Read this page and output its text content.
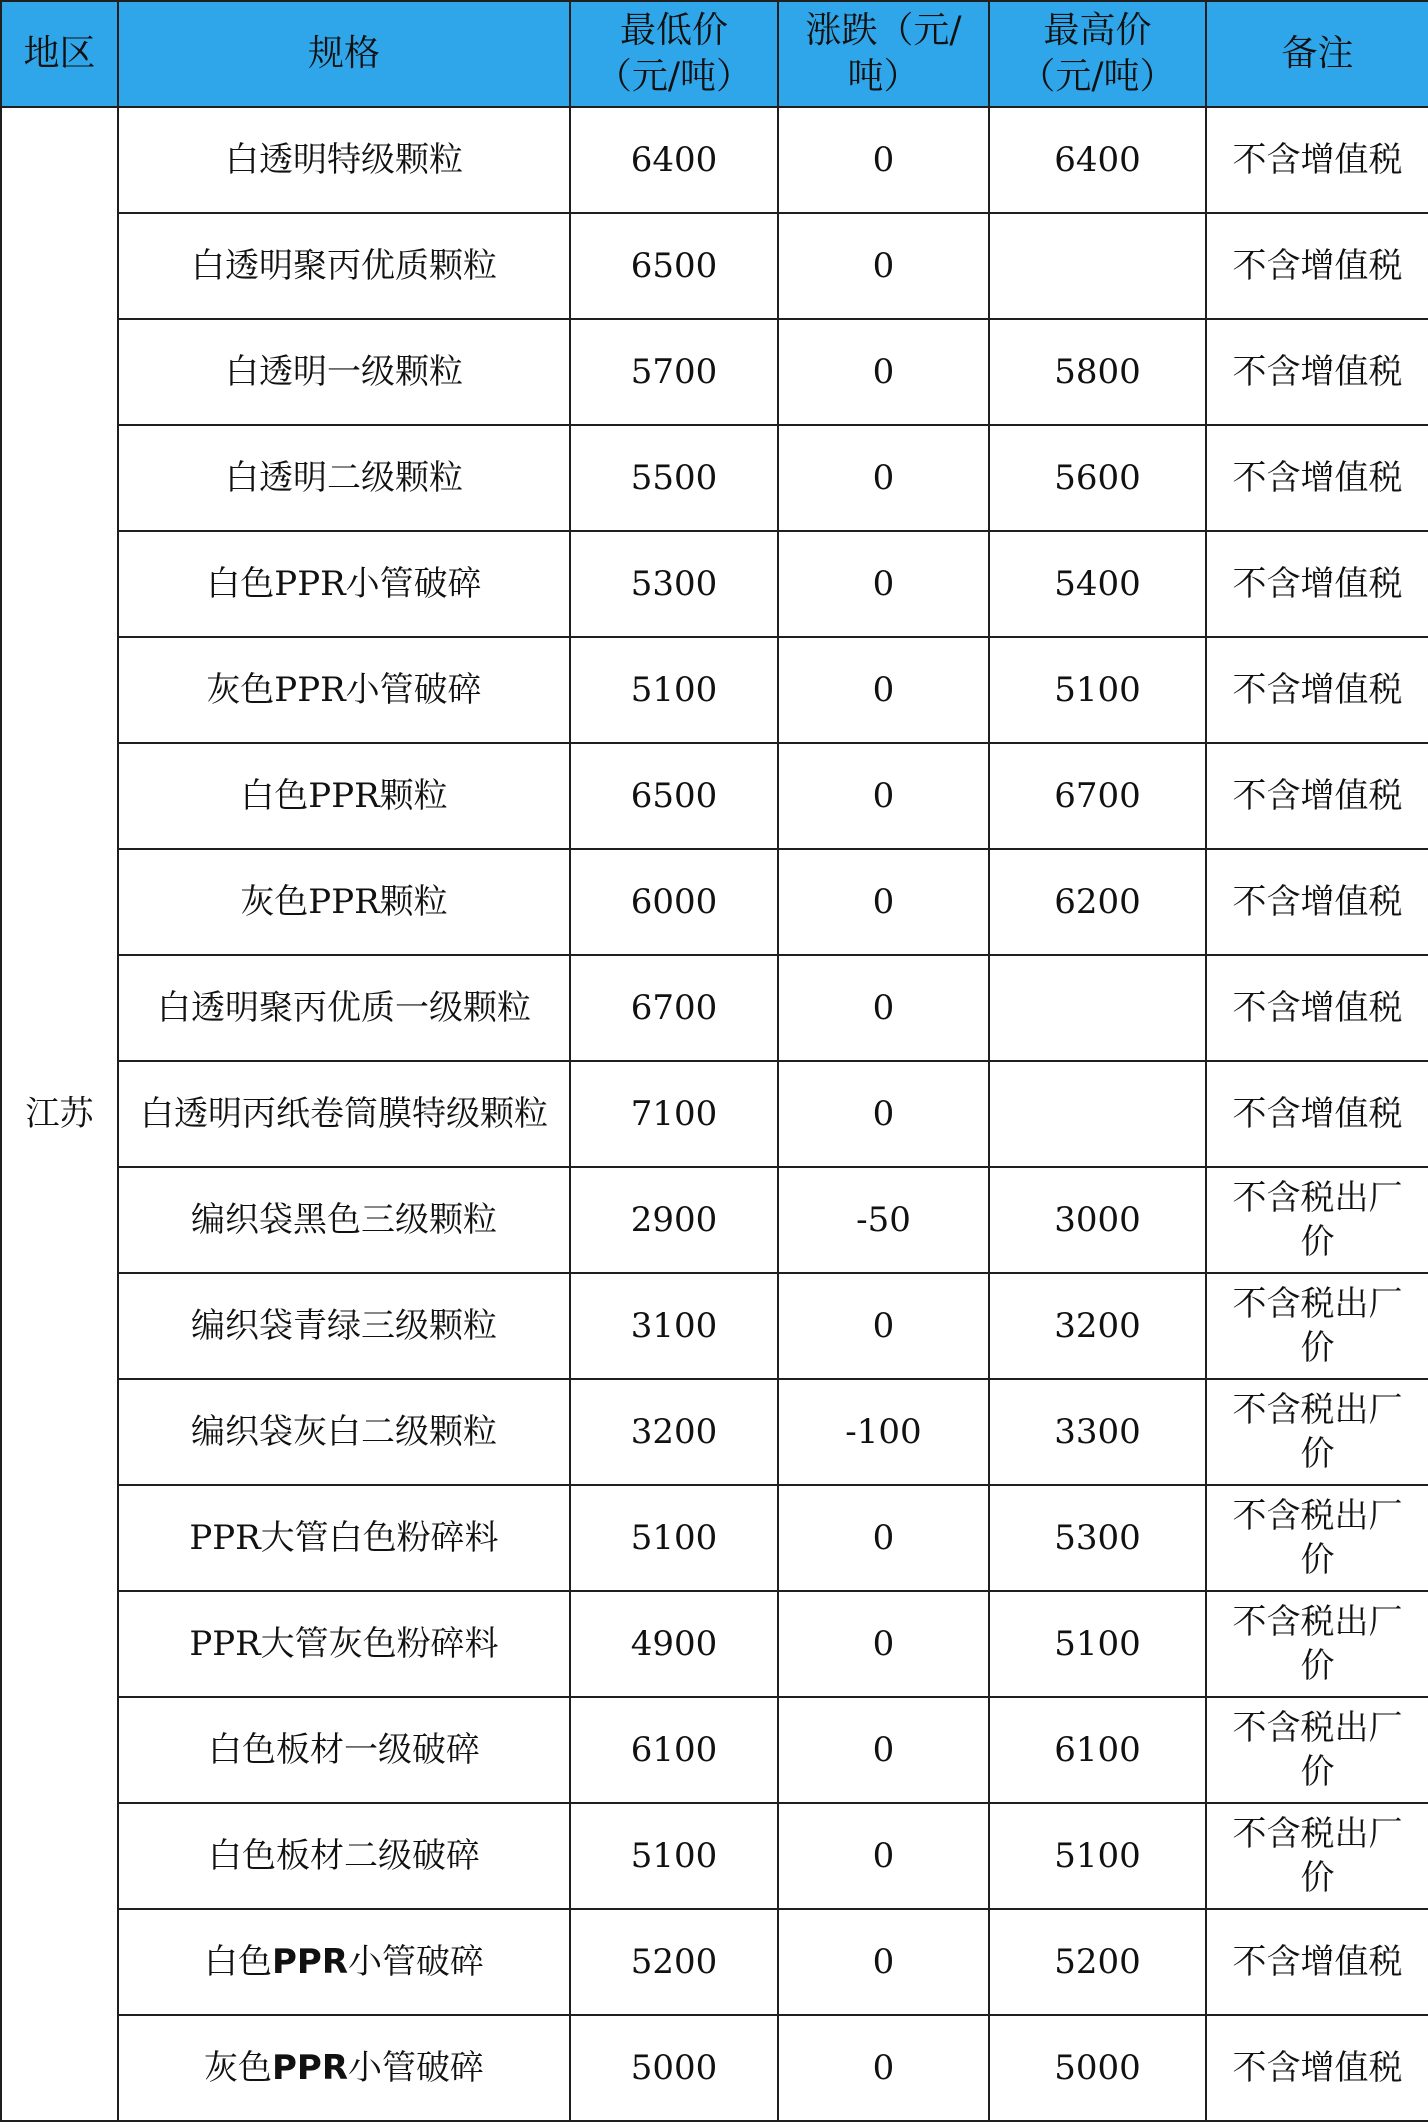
地区	规格	最低价（元/吨）	涨跌（元/吨）	最高价（元/吨）	备注
江苏	白透明特级颗粒	6400	0	6400	不含增值税
	白透明聚丙优质颗粒	6500	0		不含增值税
	白透明一级颗粒	5700	0	5800	不含增值税
	白透明二级颗粒	5500	0	5600	不含增值税
	白色PPR小管破碎	5300	0	5400	不含增值税
	灰色PPR小管破碎	5100	0	5100	不含增值税
	白色PPR颗粒	6500	0	6700	不含增值税
	灰色PPR颗粒	6000	0	6200	不含增值税
	白透明聚丙优质一级颗粒	6700	0		不含增值税
	白透明丙纸卷筒膜特级颗粒	7100	0		不含增值税
	编织袋黑色三级颗粒	2900	-50	3000	不含税出厂价
	编织袋青绿三级颗粒	3100	0	3200	不含税出厂价
	编织袋灰白二级颗粒	3200	-100	3300	不含税出厂价
	PPR大管白色粉碎料	5100	0	5300	不含税出厂价
	PPR大管灰色粉碎料	4900	0	5100	不含税出厂价
	白色板材一级破碎	6100	0	6100	不含税出厂价
	白色板材二级破碎	5100	0	5100	不含税出厂价
	白色PPR小管破碎	5200	0	5200	不含增值税
	灰色PPR小管破碎	5000	0	5000	不含增值税
